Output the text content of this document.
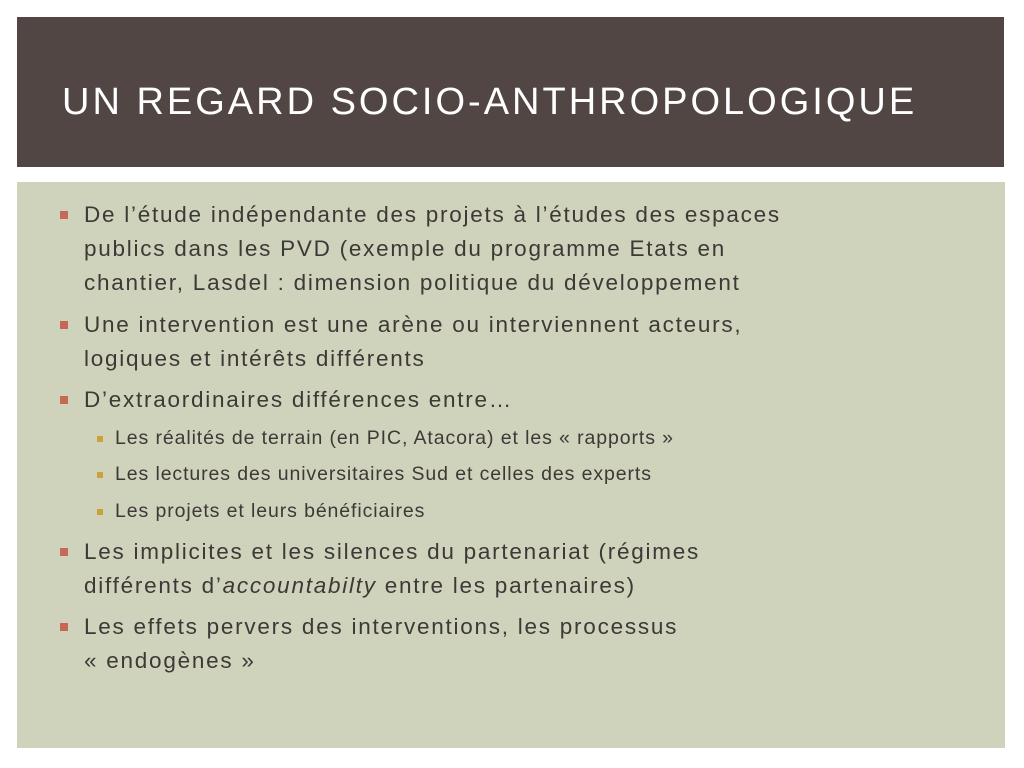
UN REGARD SOCIO-ANTHROPOLOGIQUE
De l’étude indépendante des projets à l’études des espaces
publics dans les PVD (exemple du programme Etats en
chantier, Lasdel : dimension politique du développement
Une intervention est une arène ou interviennent acteurs,
logiques et intérêts différents
D’extraordinaires différences entre…
Les réalités de terrain (en PIC, Atacora) et les « rapports »
Les lectures des universitaires Sud et celles des experts
Les projets et leurs bénéficiaires
Les implicites et les silences du partenariat (régimes
différents d’accountabilty entre les partenaires)
Les effets pervers des interventions, les processus
« endogènes »
